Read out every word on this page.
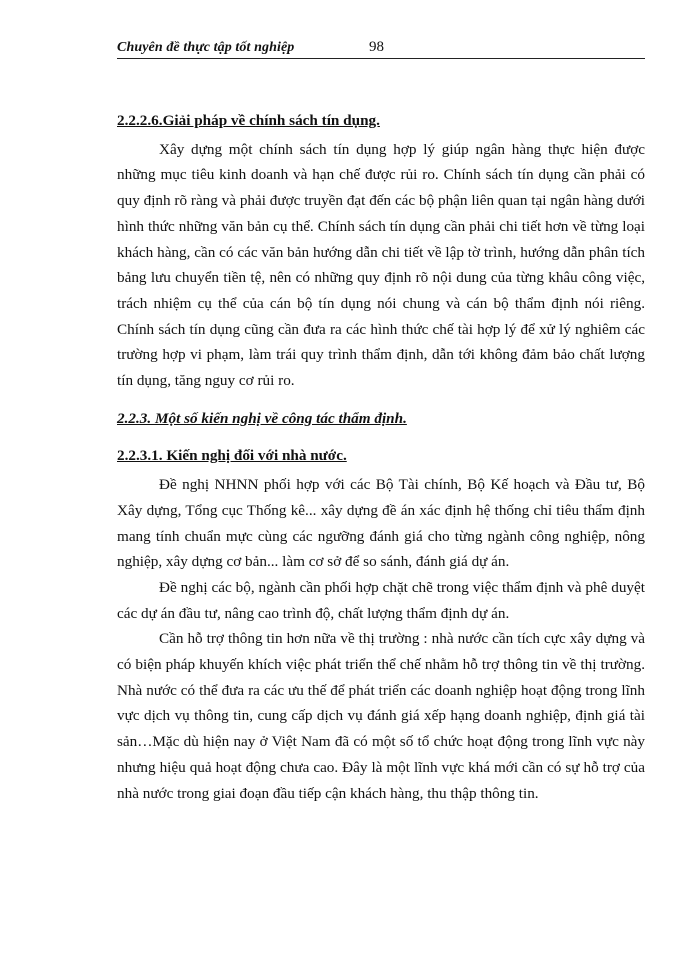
Chuyên đề thực tập tốt nghiệp	98
2.2.2.6.Giải pháp về chính sách tín dụng.

Xây dựng một chính sách tín dụng hợp lý giúp ngân hàng thực hiện được những mục tiêu kinh doanh và hạn chế được rủi ro. Chính sách tín dụng cần phải có quy định rõ ràng và phải được truyền đạt đến các bộ phận liên quan tại ngân hàng dưới hình thức những văn bản cụ thể. Chính sách tín dụng cần phải chi tiết hơn về từng loại khách hàng, cần có các văn bản hướng dẫn chi tiết về lập tờ trình, hướng dẫn phân tích bảng lưu chuyển tiền tệ, nên có những quy định rõ nội dung của từng khâu công việc, trách nhiệm cụ thể của cán bộ tín dụng nói chung và cán bộ thẩm định nói riêng. Chính sách tín dụng cũng cần đưa ra các hình thức chế tài hợp lý để xử lý nghiêm các trường hợp vi phạm, làm trái quy trình thẩm định, dẫn tới không đảm bảo chất lượng tín dụng, tăng nguy cơ rủi ro.

2.2.3. Một số kiến nghị về công tác thẩm định.
2.2.3.1. Kiến nghị đối với nhà nước.

Đề nghị NHNN phối hợp với các Bộ Tài chính, Bộ Kế hoạch và Đầu tư, Bộ Xây dựng, Tổng cục Thống kê... xây dựng đề án xác định hệ thống chỉ tiêu thẩm định mang tính chuẩn mực cùng các ngưỡng đánh giá cho từng ngành công nghiệp, nông nghiệp, xây dựng cơ bản... làm cơ sở để so sánh, đánh giá dự án.

Đề nghị các bộ, ngành cần phối hợp chặt chẽ trong việc thẩm định và phê duyệt các dự án đầu tư, nâng cao trình độ, chất lượng thẩm định dự án.

Cần hỗ trợ thông tin hơn nữa về thị trường : nhà nước cần tích cực xây dựng và có biện pháp khuyến khích việc phát triển thể chế nhằm hỗ trợ thông tin về thị trường. Nhà nước có thể đưa ra các ưu thế để phát triển các doanh nghiệp hoạt động trong lĩnh vực dịch vụ thông tin, cung cấp dịch vụ đánh giá xếp hạng doanh nghiệp, định giá tài sản…Mặc dù hiện nay ở Việt Nam đã có một số tổ chức hoạt động trong lĩnh vực này nhưng hiệu quả hoạt động chưa cao. Đây là một lĩnh vực khá mới cần có sự hỗ trợ của nhà nước trong giai đoạn đầu tiếp cận khách hàng, thu thập thông tin.
